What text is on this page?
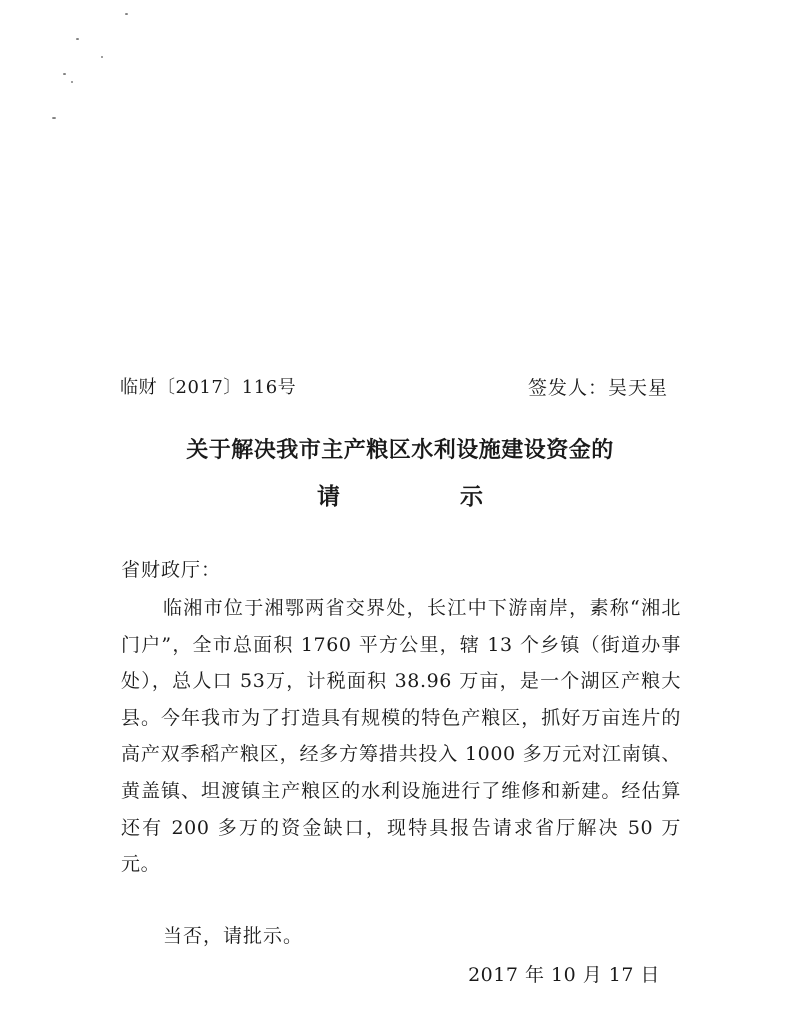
临财〔2017〕116号	签发人：吴天星
关于解决我市主产粮区水利设施建设资金的
请	示
省财政厅：

临湘市位于湘鄂两省交界处，长江中下游南岸，素称“湘北门户”，全市总面积 1760 平方公里，辖 13 个乡镇（街道办事处），总人口 53万，计税面积 38.96 万亩，是一个湖区产粮大县。今年我市为了打造具有规模的特色产粮区，抓好万亩连片的高产双季稻产粮区，经多方筹措共投入 1000 多万元对江南镇、黄盖镇、坦渡镇主产粮区的水利设施进行了维修和新建。经估算还有 200 多万的资金缺口，现特具报告请求省厅解决 50 万元。

当否，请批示。
2017 年 10 月 17 日
